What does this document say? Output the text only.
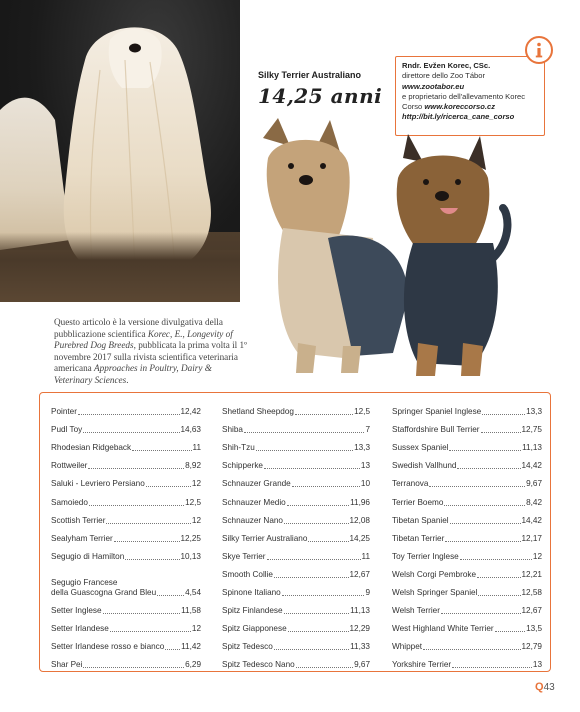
Silky Terrier Australiano
14,25 anni
Rndr. Evžen Korec, CSc.
direttore dello Zoo Tábor
www.zootabor.eu
e proprietario dell'allevamento Korec
Corso www.koreccorso.cz
http://bit.ly/ricerca_cane_corso
Questo articolo è la versione divulgativa della pubblicazione scientifica Korec, E., Longevity of Purebred Dog Breeds, pubblicata la prima volta il 1º novembre 2017 sulla rivista scientifica veterinaria americana Approaches in Poultry, Dairy & Veterinary Sciences.
Pointer	12,42
Pudl Toy	14,63
Rhodesian Ridgeback	11
Rottweiler	8,92
Saluki - Levriero Persiano	12
Samoiedo	12,5
Scottish Terrier	12
Sealyham Terrier	12,25
Segugio di Hamilton	10,13
Segugio Francese
della Guascogna Grand Bleu	4,54
Setter Inglese	11,58
Setter Irlandese	12
Setter Irlandese rosso e bianco 11,42
Shar Pei	6,29
Shetland Sheepdog	12,5
Shiba	7
Shih-Tzu	13,3
Schipperke	13
Schnauzer Grande	10
Schnauzer Medio	11,96
Schnauzer Nano	12,08
Silky Terrier Australiano	14,25
Skye Terrier	11
Smooth Collie	12,67
Spinone Italiano	9
Spitz Finlandese	11,13
Spitz Giapponese	12,29
Spitz Tedesco	11,33
Spitz Tedesco Nano	9,67
Springer Spaniel Inglese	13,3
Staffordshire Bull Terrier	12,75
Sussex Spaniel	11,13
Swedish Vallhund	14,42
Terranova	9,67
Terrier Boemo	8,42
Tibetan Spaniel	14,42
Tibetan Terrier	12,17
Toy Terrier Inglese	12
Welsh Corgi Pembroke	12,21
Welsh Springer Spaniel	12,58
Welsh Terrier	12,67
West Highland White Terrier	13,5
Whippet	12,79
Yorkshire Terrier	13
Q43
